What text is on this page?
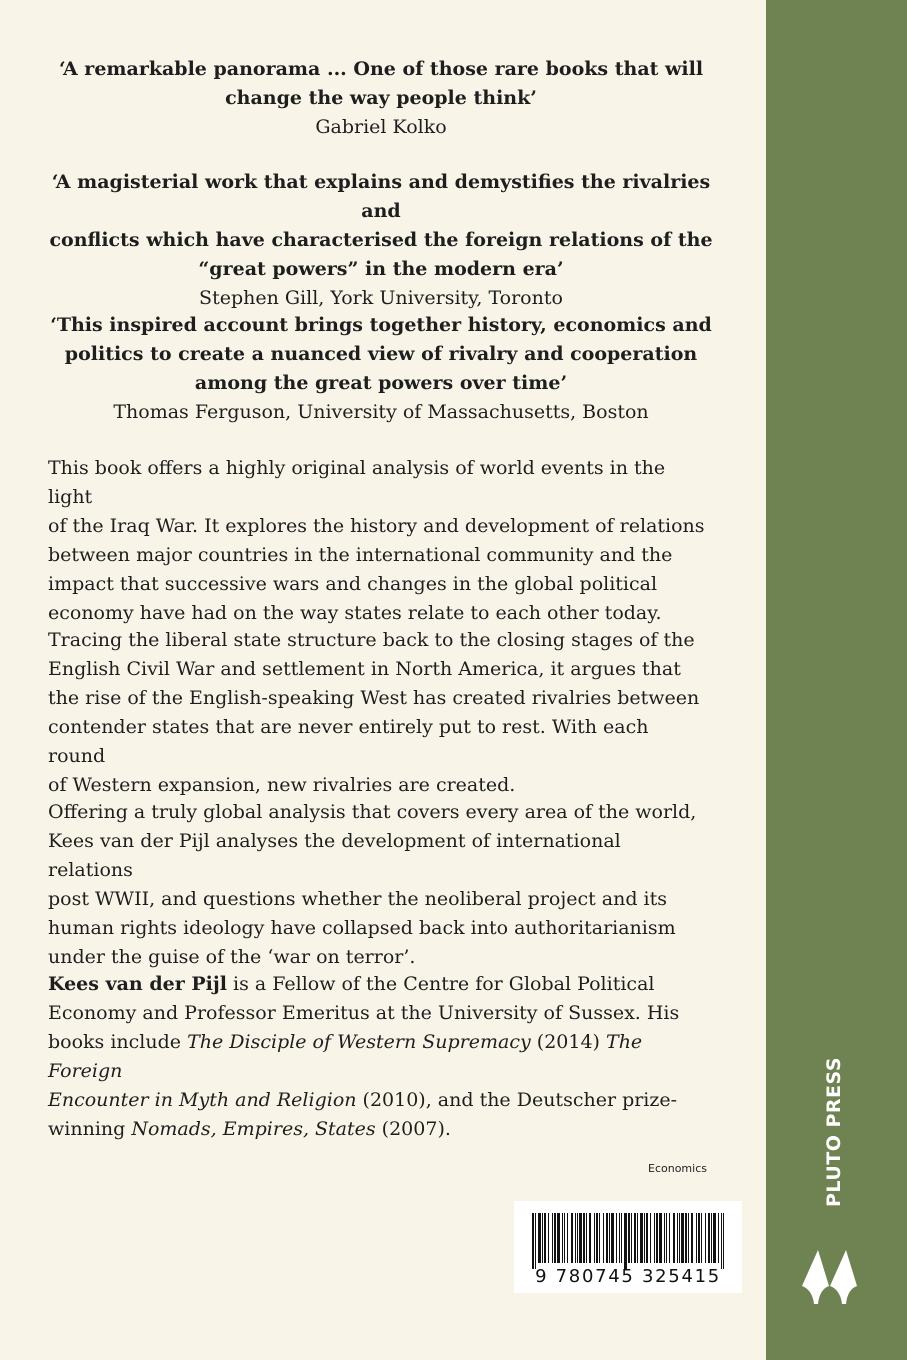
‘A remarkable panorama ... One of those rare books that will
change the way people think’
Gabriel Kolko
‘A magisterial work that explains and demystifies the rivalries and
conflicts which have characterised the foreign relations of the
“great powers” in the modern era’
Stephen Gill, York University, Toronto
‘This inspired account brings together history, economics and
politics to create a nuanced view of rivalry and cooperation
among the great powers over time’
Thomas Ferguson, University of Massachusetts, Boston
This book offers a highly original analysis of world events in the light
of the Iraq War. It explores the history and development of relations
between major countries in the international community and the
impact that successive wars and changes in the global political
economy have had on the way states relate to each other today.
Tracing the liberal state structure back to the closing stages of the
English Civil War and settlement in North America, it argues that
the rise of the English-speaking West has created rivalries between
contender states that are never entirely put to rest. With each round
of Western expansion, new rivalries are created.
Offering a truly global analysis that covers every area of the world,
Kees van der Pijl analyses the development of international relations
post WWII, and questions whether the neoliberal project and its
human rights ideology have collapsed back into authoritarianism
under the guise of the ‘war on terror’.
Kees van der Pijl is a Fellow of the Centre for Global Political
Economy and Professor Emeritus at the University of Sussex. His
books include The Disciple of Western Supremacy (2014) The Foreign
Encounter in Myth and Religion (2010), and the Deutscher prize-
winning Nomads, Empires, States (2007).
Economics
9 780745 325415
PLUTO PRESS
